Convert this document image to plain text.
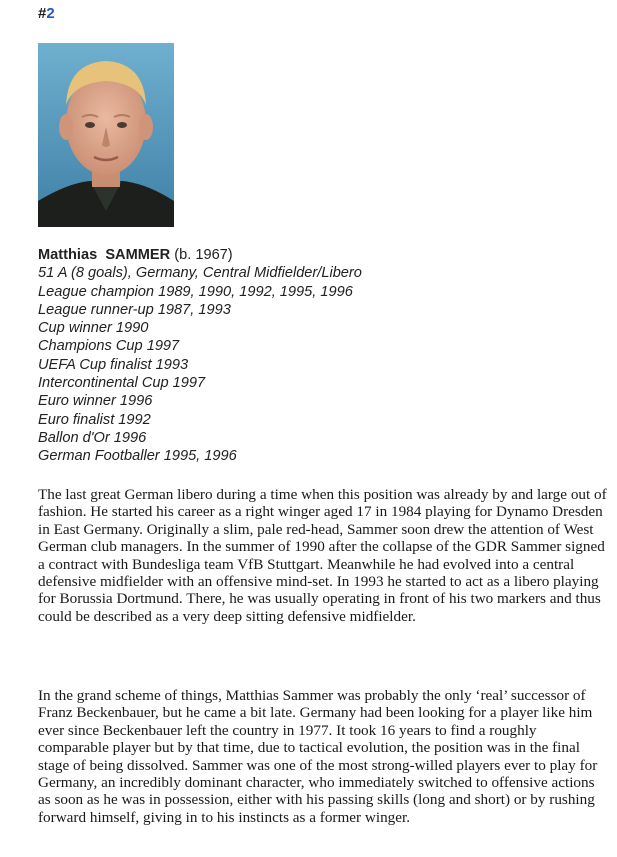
#2
Matthias SAMMER (b. 1967)
51 A (8 goals), Germany, Central Midfielder/Libero
League champion 1989, 1990, 1992, 1995, 1996
League runner-up 1987, 1993
Cup winner 1990
Champions Cup 1997
UEFA Cup finalist 1993
Intercontinental Cup 1997
Euro winner 1996
Euro finalist 1992
Ballon d'Or 1996
German Footballer 1995, 1996

The last great German libero during a time when this position was already by and large out of fashion. He started his career as a right winger aged 17 in 1984 playing for Dynamo Dresden in East Germany. Originally a slim, pale red-head, Sammer soon drew the attention of West German club managers. In the summer of 1990 after the collapse of the GDR Sammer signed a contract with Bundesliga team VfB Stuttgart. Meanwhile he had evolved into a central defensive midfielder with an offensive mind-set. In 1993 he started to act as a libero playing for Borussia Dortmund. There, he was usually operating in front of his two markers and thus could be described as a very deep sitting defensive midfielder.

In the grand scheme of things, Matthias Sammer was probably the only ‘real’ successor of Franz Beckenbauer, but he came a bit late. Germany had been looking for a player like him ever since Beckenbauer left the country in 1977. It took 16 years to find a roughly comparable player but by that time, due to tactical evolution, the position was in the final stage of being dissolved. Sammer was one of the most strong-willed players ever to play for Germany, an incredibly dominant character, who immediately switched to offensive actions as soon as he was in possession, either with his passing skills (long and short) or by rushing forward himself, giving in to his instincts as a former winger.
